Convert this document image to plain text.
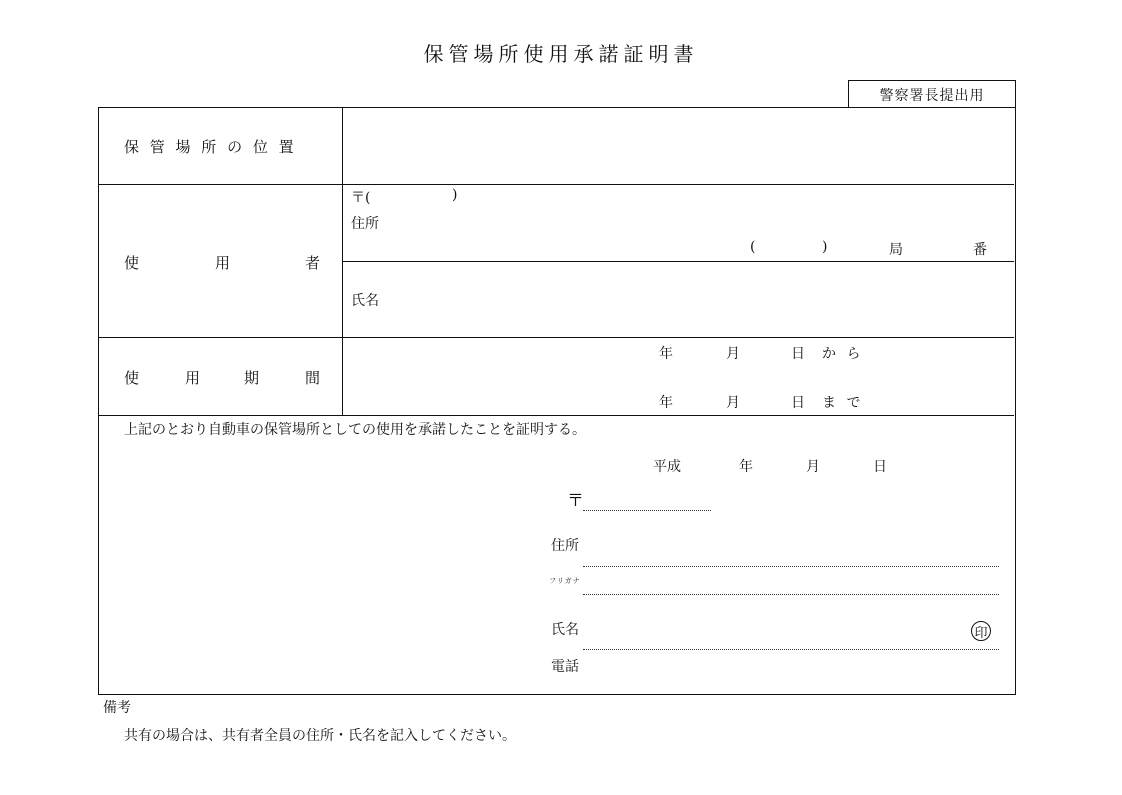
保管場所使用承諾証明書
警察署長提出用
保 管 場 所 の 位 置
使	用	者
〒(	)
住所
(	)	局	番
氏名
使	用	期	間
年	月	日 か ら
年	月	日 ま で
上記のとおり自動車の保管場所としての使用を承諾したことを証明する。
平成	年	月	日
〒
住所
フリガナ
氏名	印
電話
備考
共有の場合は、共有者全員の住所・氏名を記入してください。
